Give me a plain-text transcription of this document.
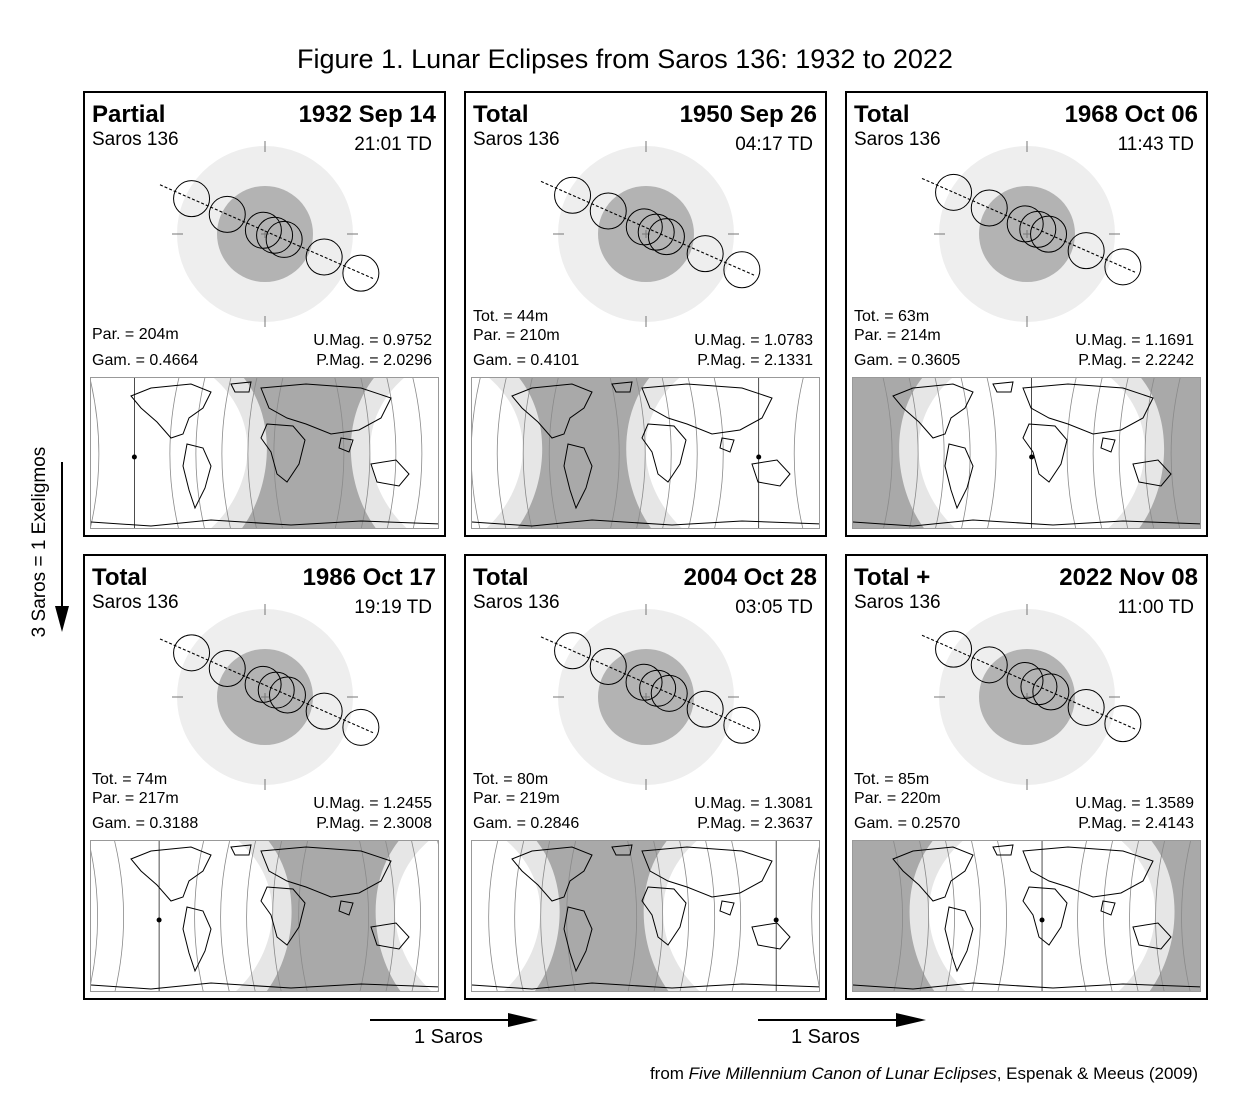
Figure 1. Lunar Eclipses from Saros 136: 1932 to 2022
3 Saros = 1 Exeligmos
Partial	1932 Sep 14
Saros 136	21:01 TD
Par. = 204m
Gam. = 0.4664
U.Mag. = 0.9752
P.Mag. = 2.0296
Total	1950 Sep 26
Saros 136	04:17 TD
Tot. = 44m
Par. = 210m
Gam. = 0.4101
U.Mag. = 1.0783
P.Mag. = 2.1331
Total	1968 Oct 06
Saros 136	11:43 TD
Tot. = 63m
Par. = 214m
Gam. = 0.3605
U.Mag. = 1.1691
P.Mag. = 2.2242
Total	1986 Oct 17
Saros 136	19:19 TD
Tot. = 74m
Par. = 217m
Gam. = 0.3188
U.Mag. = 1.2455
P.Mag. = 2.3008
Total	2004 Oct 28
Saros 136	03:05 TD
Tot. = 80m
Par. = 219m
Gam. = 0.2846
U.Mag. = 1.3081
P.Mag. = 2.3637
Total +	2022 Nov 08
Saros 136	11:00 TD
Tot. = 85m
Par. = 220m
Gam. = 0.2570
U.Mag. = 1.3589
P.Mag. = 2.4143
1 Saros	1 Saros
from Five Millennium Canon of Lunar Eclipses, Espenak & Meeus (2009)
